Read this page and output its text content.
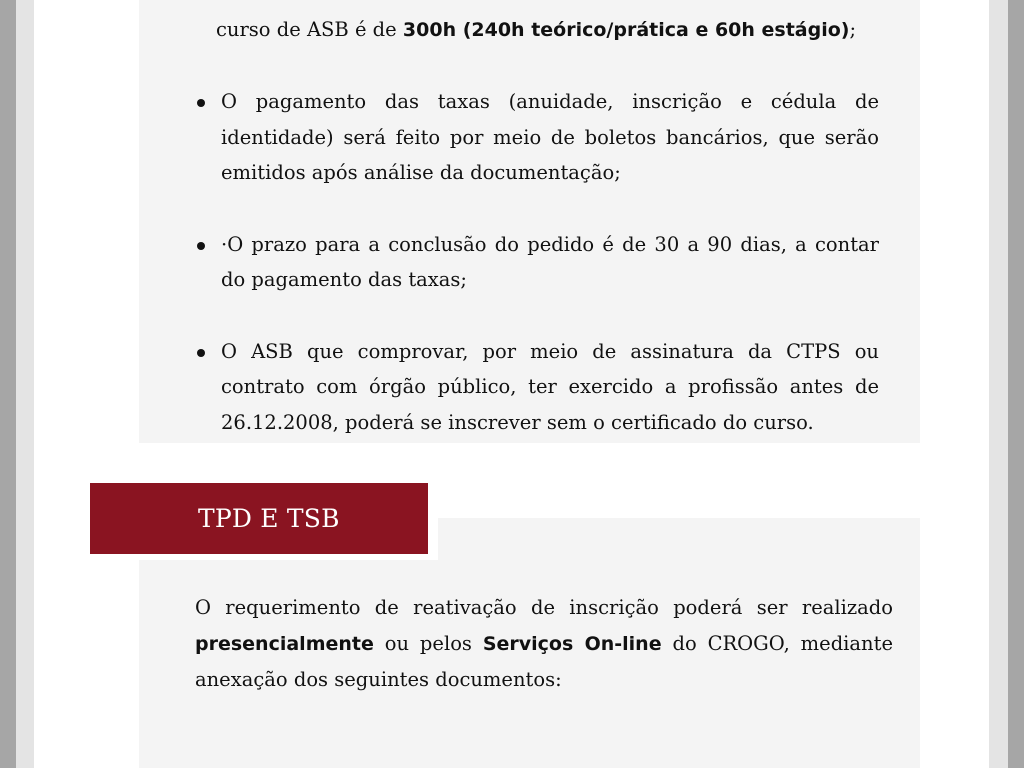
curso de ASB é de 300h (240h teórico/prática e 60h estágio);
O pagamento das taxas (anuidade, inscrição e cédula de identidade) será feito por meio de boletos bancários, que serão emitidos após análise da documentação;
·O prazo para a conclusão do pedido é de 30 a 90 dias, a contar do pagamento das taxas;
O ASB que comprovar, por meio de assinatura da CTPS ou contrato com órgão público, ter exercido a profissão antes de 26.12.2008, poderá se inscrever sem o certificado do curso.
TPD E TSB
O requerimento de reativação de inscrição poderá ser realizado presencialmente ou pelos Serviços On-line do CROGO, mediante anexação dos seguintes documentos:
